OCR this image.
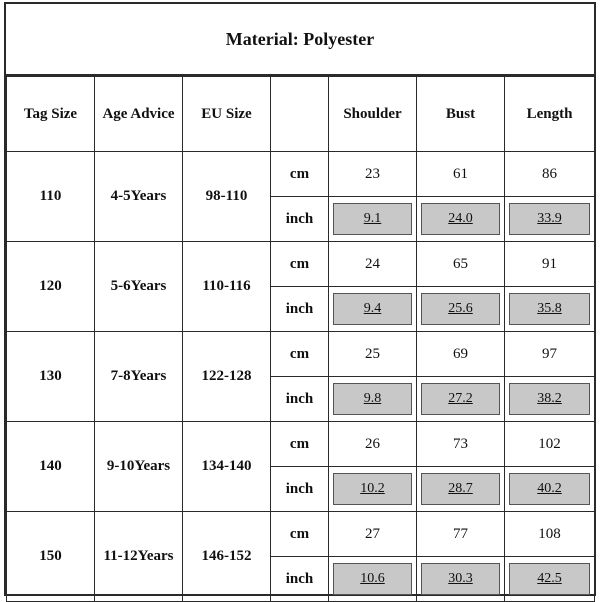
Material: Polyester
Tag Size	Age Advice	EU Size		Shoulder	Bust	Length
110	4-5Years	98-110	cm	23	61	86
			inch	9.1	24.0	33.9

120	5-6Years	110-116	cm	24	65	91
			inch	9.4	25.6	35.8

130	7-8Years	122-128	cm	25	69	97
			inch	9.8	27.2	38.2

140	9-10Years	134-140	cm	26	73	102
			inch	10.2	28.7	40.2

150	11-12Years	146-152	cm	27	77	108
			inch	10.6	30.3	42.5
